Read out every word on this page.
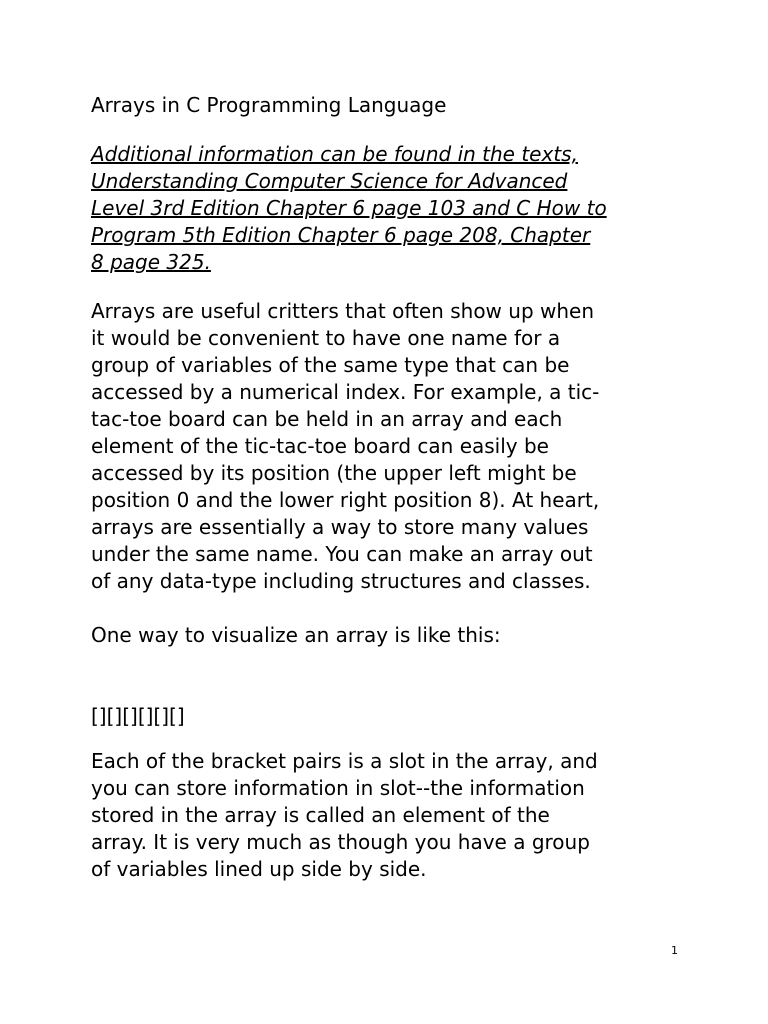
Arrays in C Programming Language
Additional information can be found in the texts,
Understanding Computer Science for Advanced
Level 3rd Edition Chapter 6 page 103 and C How to
Program 5th Edition Chapter 6 page 208, Chapter
8 page 325.
Arrays are useful critters that often show up when
it would be convenient to have one name for a
group of variables of the same type that can be
accessed by a numerical index. For example, a tic-
tac-toe board can be held in an array and each
element of the tic-tac-toe board can easily be
accessed by its position (the upper left might be
position 0 and the lower right position 8). At heart,
arrays are essentially a way to store many values
under the same name. You can make an array out
of any data-type including structures and classes.
One way to visualize an array is like this:
[][][][][][]
Each of the bracket pairs is a slot in the array, and
you can store information in slot--the information
stored in the array is called an element of the
array. It is very much as though you have a group
of variables lined up side by side.
1
